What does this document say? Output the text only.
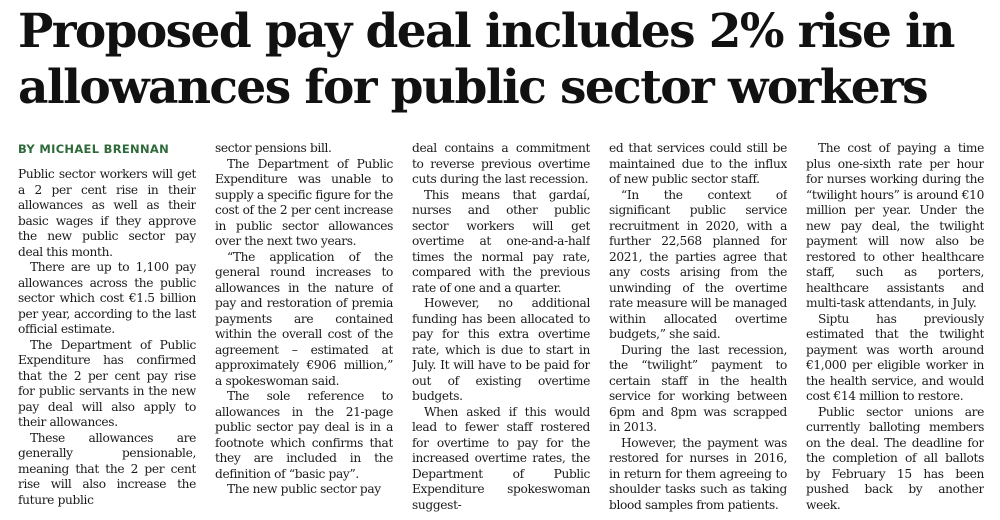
Proposed pay deal includes 2% rise in
allowances for public sector workers
BY MICHAEL BRENNAN

Public sector workers will get a 2 per cent rise in their allowances as well as their basic wages if they approve the new public sector pay deal this month.

There are up to 1,100 pay allowances across the public sector which cost €1.5 billion per year, according to the last official estimate.

The Department of Public Expenditure has confirmed that the 2 per cent pay rise for public servants in the new pay deal will also apply to their allowances.

These allowances are generally pensionable, meaning that the 2 per cent rise will also increase the future public

sector pensions bill.

The Department of Public Expenditure was unable to supply a specific figure for the cost of the 2 per cent increase in public sector allowances over the next two years.

“The application of the general round increases to allowances in the nature of pay and restoration of premia payments are contained within the overall cost of the agreement – estimated at approximately €906 million,” a spokeswoman said.

The sole reference to allowances in the 21-page public sector pay deal is in a footnote which confirms that they are included in the definition of “basic pay”.

The new public sector pay

deal contains a commitment to reverse previous overtime cuts during the last recession.

This means that gardaí, nurses and other public sector workers will get overtime at one-and-a-half times the normal pay rate, compared with the previous rate of one and a quarter.

However, no additional funding has been allocated to pay for this extra overtime rate, which is due to start in July. It will have to be paid for out of existing overtime budgets.

When asked if this would lead to fewer staff rostered for overtime to pay for the increased overtime rates, the Department of Public Expenditure spokeswoman suggest-

ed that services could still be maintained due to the influx of new public sector staff.

“In the context of significant public service recruitment in 2020, with a further 22,568 planned for 2021, the parties agree that any costs arising from the unwinding of the overtime rate measure will be managed within allocated overtime budgets,” she said.

During the last recession, the “twilight” payment to certain staff in the health service for working between 6pm and 8pm was scrapped in 2013.

However, the payment was restored for nurses in 2016, in return for them agreeing to shoulder tasks such as taking blood samples from patients.

The cost of paying a time plus one-sixth rate per hour for nurses working during the “twilight hours” is around €10 million per year. Under the new pay deal, the twilight payment will now also be restored to other healthcare staff, such as porters, healthcare assistants and multi-task attendants, in July.

Siptu has previously estimated that the twilight payment was worth around €1,000 per eligible worker in the health service, and would cost €14 million to restore.

Public sector unions are currently balloting members on the deal. The deadline for the completion of all ballots by February 15 has been pushed back by another week.
